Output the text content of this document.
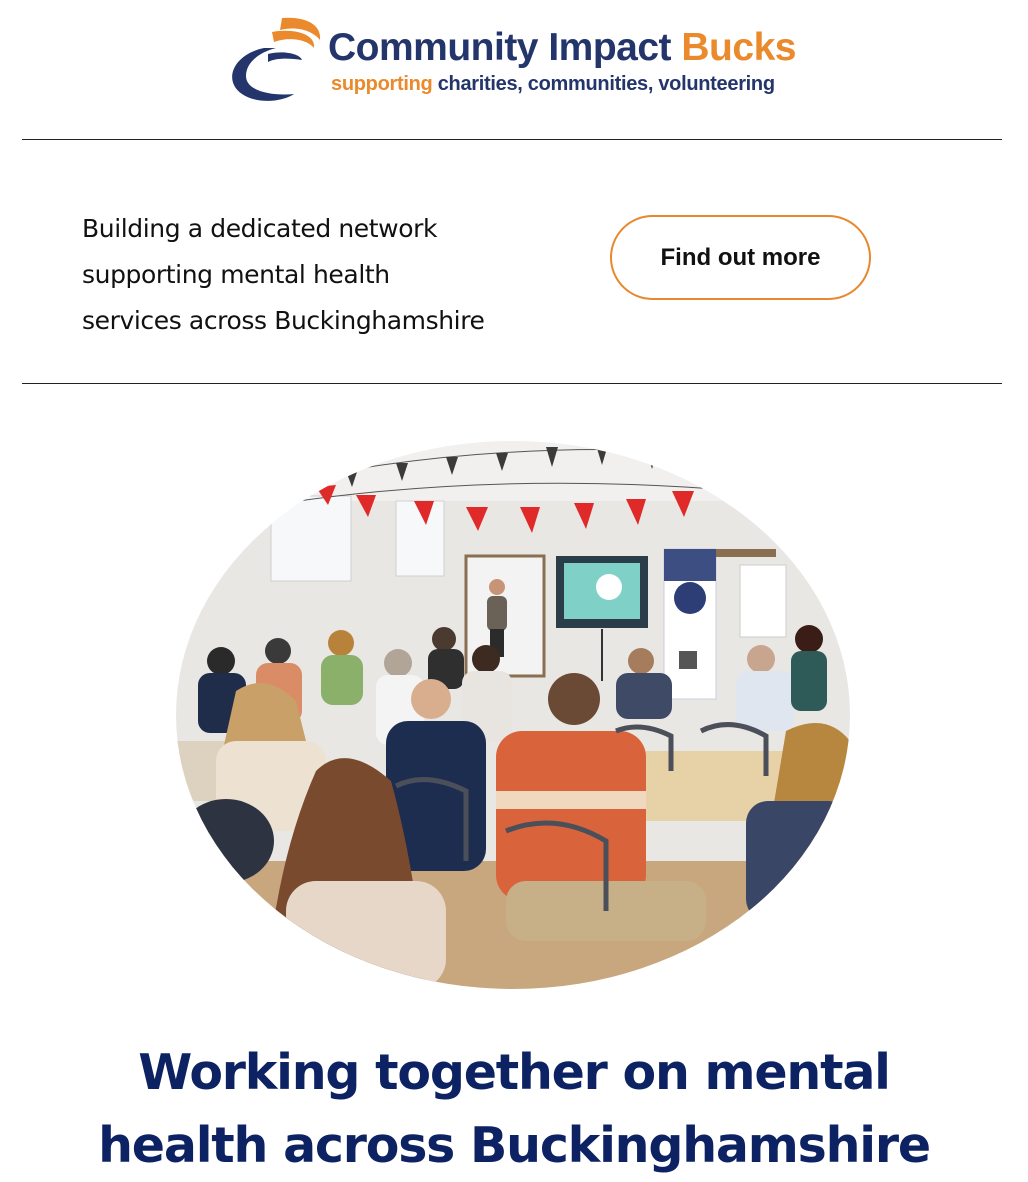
Community Impact Bucks
supporting charities, communities, volunteering
Building a dedicated network
supporting mental health
services across Buckinghamshire
Find out more
Working together on mental
health across Buckinghamshire
